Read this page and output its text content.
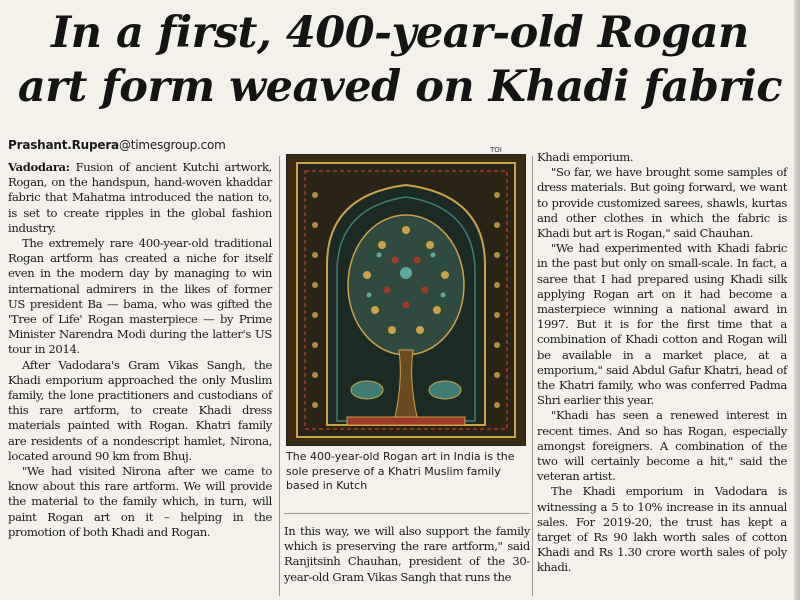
In a first, 400-year-old Rogan
art form weaved on Khadi fabric
Prashant.Rupera@timesgroup.com

Vadodara: Fusion of ancient Kutchi artwork, Rogan, on the handspun, hand-woven khaddar fabric that Mahatma introduced the nation to, is set to create ripples in the global fashion industry.

The extremely rare 400-year-old traditional Rogan artform has created a niche for itself even in the modern day by managing to win international admirers in the likes of former US president Ba — bama, who was gifted the 'Tree of Life' Rogan masterpiece — by Prime Minister Narendra Modi during the latter's US tour in 2014.

After Vadodara's Gram Vikas Sangh, the Khadi emporium approached the only Muslim family, the lone practitioners and custodians of this rare artform, to create Khadi dress materials painted with Rogan. Khatri family are residents of a nondescript hamlet, Nirona, located around 90 km from Bhuj.

"We had visited Nirona after we came to know about this rare artform. We will provide the material to the family which, in turn, will paint Rogan art on it – helping in the promotion of both Khadi and Rogan.

TOI
The 400-year-old Rogan art in India is the sole preserve of a Khatri Muslim family based in Kutch

In this way, we will also support the family which is preserving the rare artform," said Ranjitsinh Chauhan, president of the 30-year-old Gram Vikas Sangh that runs the

Khadi emporium.

"So far, we have brought some samples of dress materials. But going forward, we want to provide customized sarees, shawls, kurtas and other clothes in which the fabric is Khadi but art is Rogan," said Chauhan.

"We had experimented with Khadi fabric in the past but only on small-scale. In fact, a saree that I had prepared using Khadi silk applying Rogan art on it had become a masterpiece winning a national award in 1997. But it is for the first time that a combination of Khadi cotton and Rogan will be available in a market place, at a emporium," said Abdul Gafur Khatri, head of the Khatri family, who was conferred Padma Shri earlier this year.

"Khadi has seen a renewed interest in recent times. And so has Rogan, especially amongst foreigners. A combination of the two will certainly become a hit," said the veteran artist.

The Khadi emporium in Vadodara is witnessing a 5 to 10% increase in its annual sales. For 2019-20, the trust has kept a target of Rs 90 lakh worth sales of cotton Khadi and Rs 1.30 crore worth sales of poly khadi.
